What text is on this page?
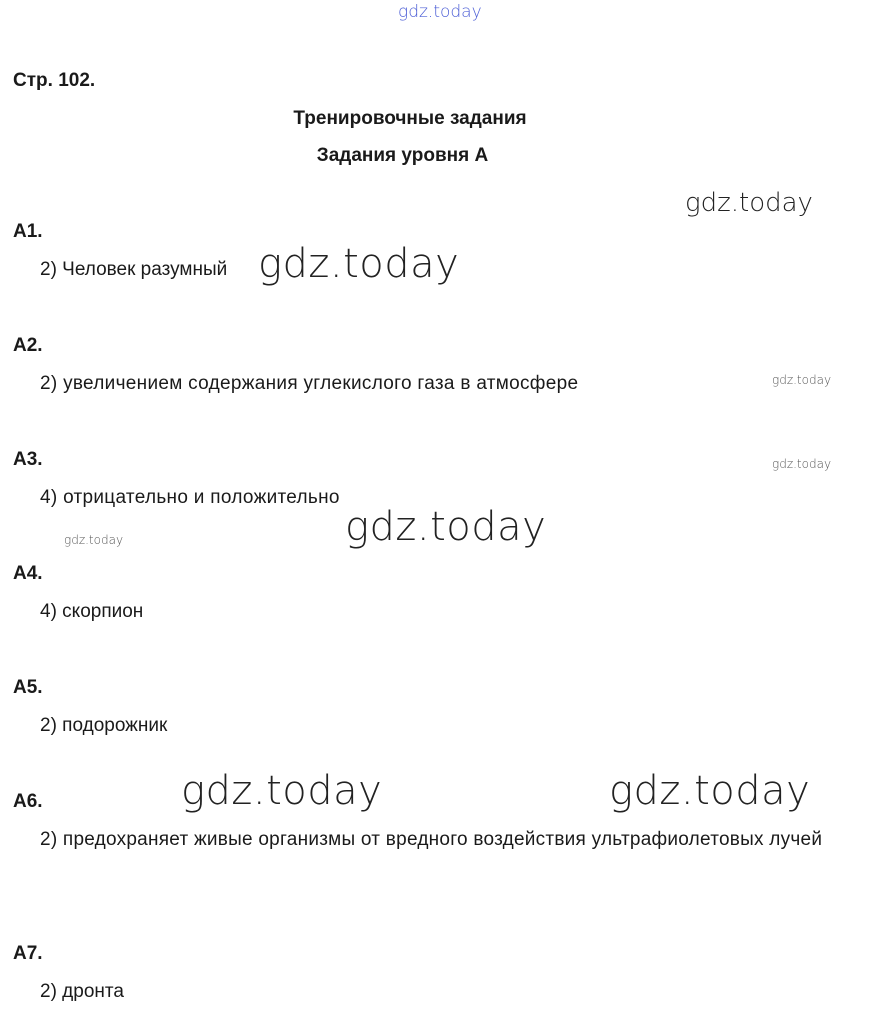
gdz.today
gdz.today
gdz.today
gdz.today
gdz.today
gdz.today
gdz.today
gdz.today	gdz.today
Стр. 102.
Тренировочные задания
Задания уровня А
А1.
2) Человек разумный
А2.
2) увеличением содержания углекислого газа в атмосфере
А3.
4) отрицательно и положительно
А4.
4) скорпион
А5.
2) подорожник
А6.
2) предохраняет живые организмы от вредного воздействия ультрафиолетовых лучей
А7.
2) дронта
